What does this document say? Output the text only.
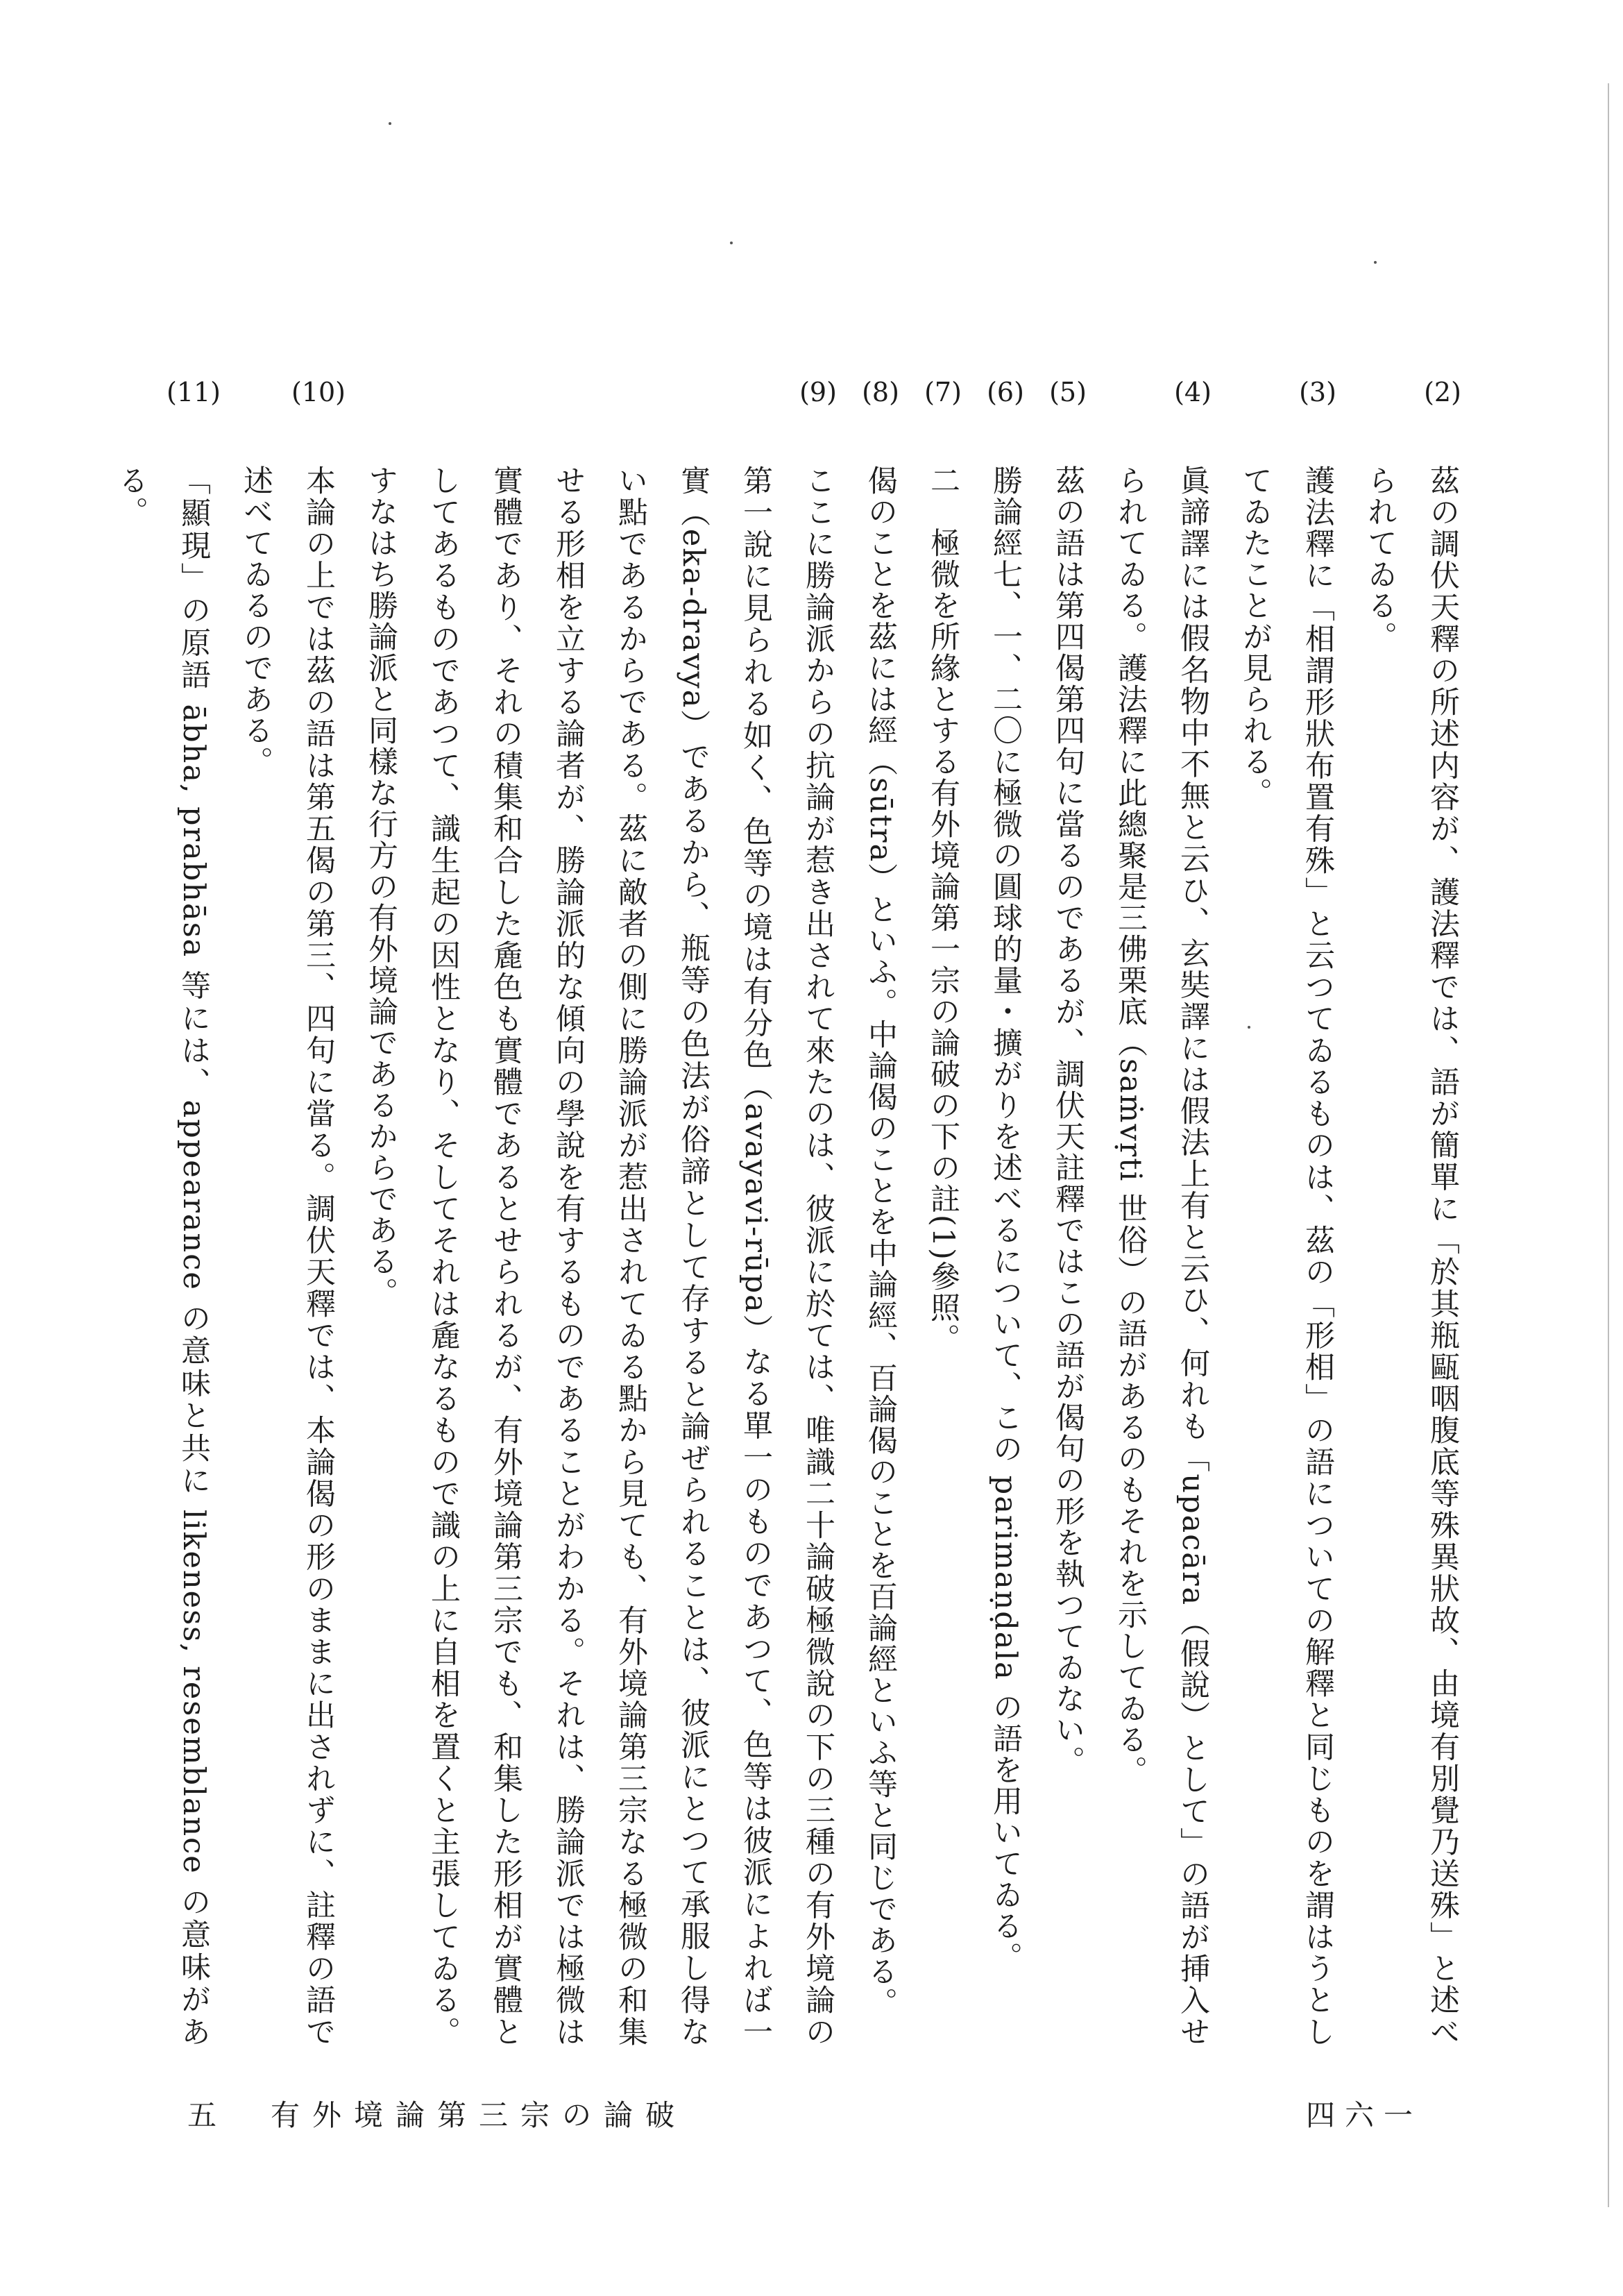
(2)
茲の調伏天釋の所述内容が、護法釋では、語が簡單に「於其瓶甌咽腹底等殊異狀故、由境有別覺乃送殊」と述べられてゐる。

(3)
護法釋に「相謂形狀布置有殊」と云つてゐるものは、茲の「形相」の語についての解釋と同じものを謂はうとしてゐたことが見られる。

(4)
眞諦譯には假名物中不無と云ひ、玄奘譯には假法上有と云ひ、何れも「upacāra（假說）として」の語が挿入せられてゐる。護法釋に此總聚是三佛栗底（saṁvṛti 世俗）の語があるのもそれを示してゐる。

(5)
茲の語は第四偈第四句に當るのであるが、調伏天註釋ではこの語が偈句の形を執つてゐない。

(6)
勝論經七、一、二〇に極微の圓球的量・擴がりを述べるについて、この parimaṇḍala の語を用いてゐる。

(7)
二　極微を所緣とする有外境論第一宗の論破の下の註(1)參照。

(8)
偈のことを茲には經（sūtra）といふ。中論偈のことを中論經、百論偈のことを百論經といふ等と同じである。

(9)
ここに勝論派からの抗論が惹き出されて來たのは、彼派に於ては、唯識二十論破極微說の下の三種の有外境論の第一說に見られる如く、色等の境は有分色（avayavi-rūpa）なる單一のものであつて、色等は彼派によれば一實（eka-dravya）であるから、瓶等の色法が俗諦として存すると論ぜられることは、彼派にとつて承服し得ない點であるからである。茲に敵者の側に勝論派が惹出されてゐる點から見ても、有外境論第三宗なる極微の和集せる形相を立する論者が、勝論派的な傾向の學說を有するものであることがわかる。それは、勝論派では極微は實體であり、それの積集和合した麁色も實體であるとせられるが、有外境論第三宗でも、和集した形相が實體としてあるものであつて、識生起の因性となり、そしてそれは麁なるもので識の上に自相を置くと主張してゐる。すなはち勝論派と同樣な行方の有外境論であるからである。

(10)
本論の上では茲の語は第五偈の第三、四句に當る。調伏天釋では、本論偈の形のままに出されずに、註釋の語で述べてゐるのである。

(11)
「顯現」の原語 ābha, prabhāsa 等には、appearance の意味と共に likeness, resemblance の意味がある。

五　有外境論第三宗の論破	四六一
